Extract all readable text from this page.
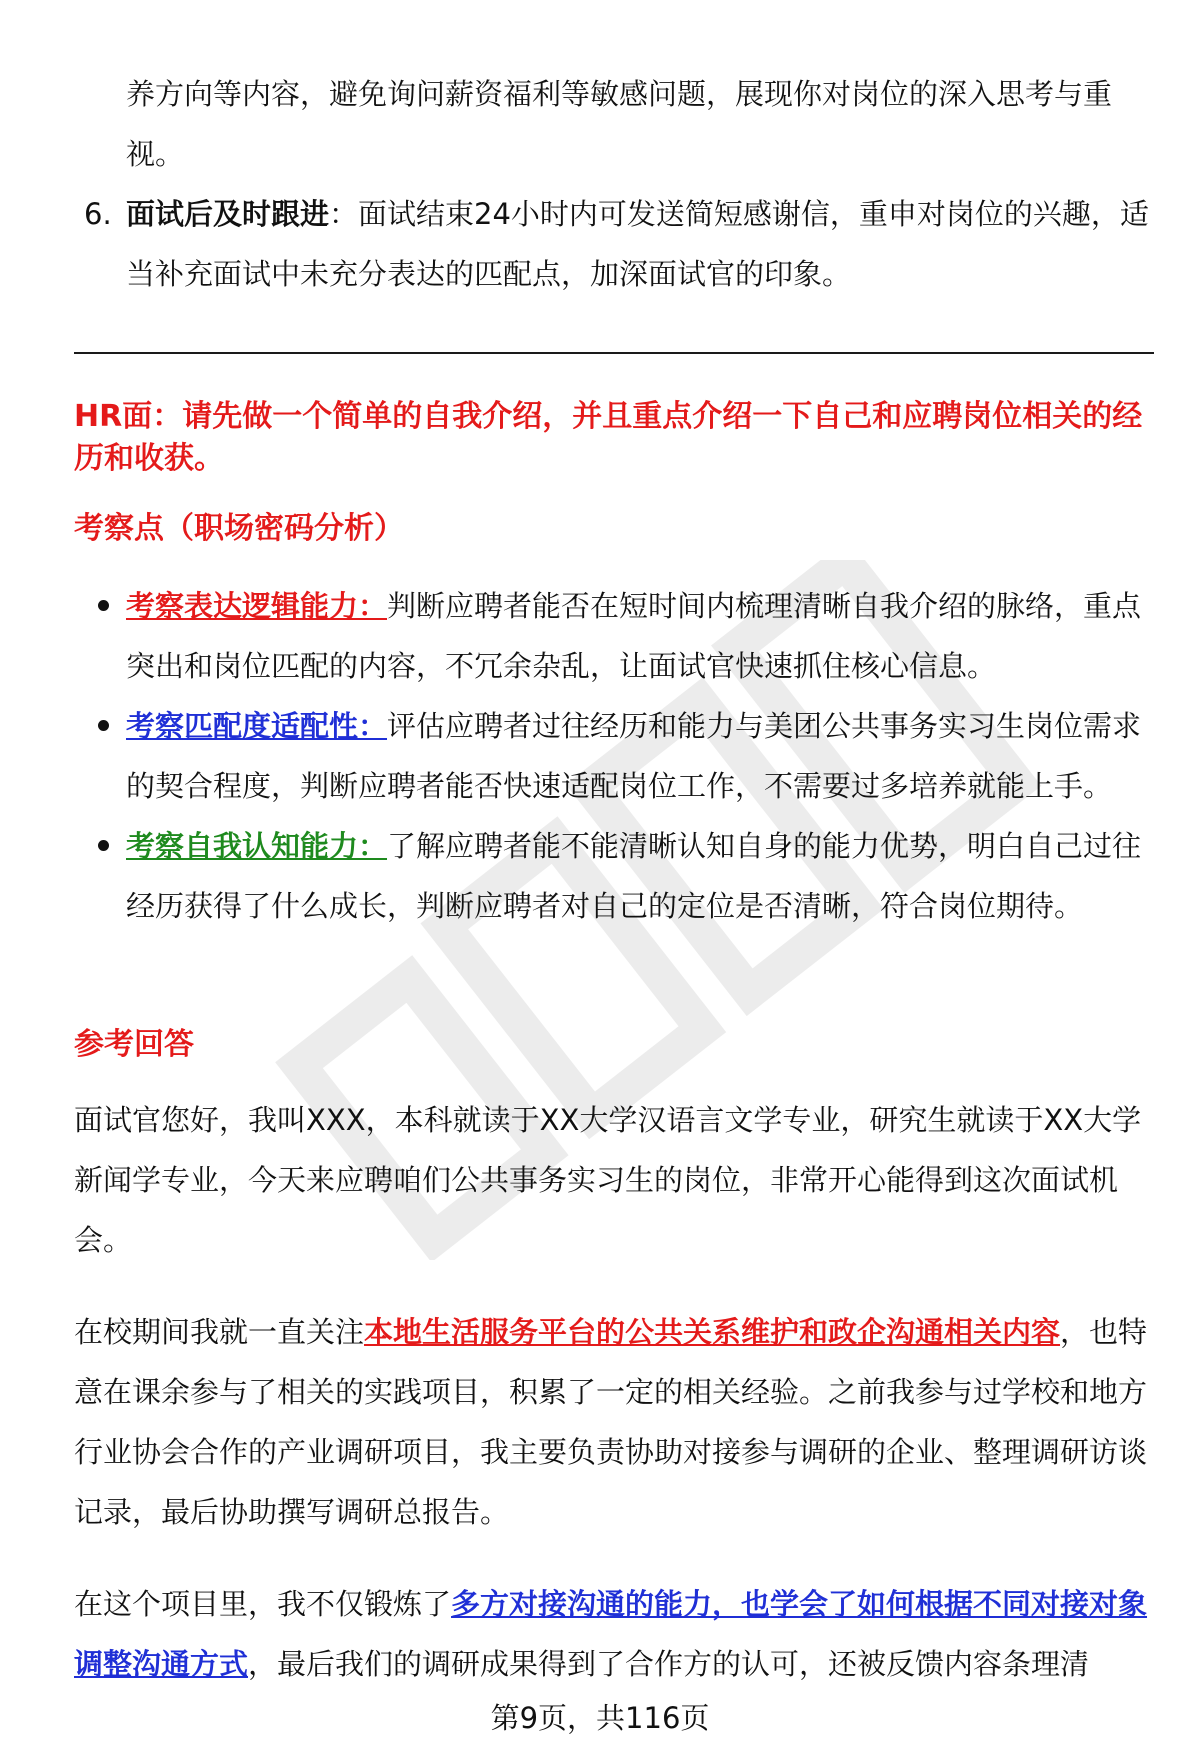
养方向等内容，避免询问薪资福利等敏感问题，展现你对岗位的深入思考与重视。

6. 面试后及时跟进：面试结束24小时内可发送简短感谢信，重申对岗位的兴趣，适当补充面试中未充分表达的匹配点，加深面试官的印象。

HR面：请先做一个简单的自我介绍，并且重点介绍一下自己和应聘岗位相关的经历和收获。
考察点（职场密码分析）
考察表达逻辑能力：判断应聘者能否在短时间内梳理清晰自我介绍的脉络，重点突出和岗位匹配的内容，不冗余杂乱，让面试官快速抓住核心信息。
考察匹配度适配性：评估应聘者过往经历和能力与美团公共事务实习生岗位需求的契合程度，判断应聘者能否快速适配岗位工作，不需要过多培养就能上手。
考察自我认知能力：了解应聘者能不能清晰认知自身的能力优势，明白自己过往经历获得了什么成长，判断应聘者对自己的定位是否清晰，符合岗位期待。
参考回答

面试官您好，我叫XXX，本科就读于XX大学汉语言文学专业，研究生就读于XX大学新闻学专业，今天来应聘咱们公共事务实习生的岗位，非常开心能得到这次面试机会。

在校期间我就一直关注本地生活服务平台的公共关系维护和政企沟通相关内容，也特意在课余参与了相关的实践项目，积累了一定的相关经验。之前我参与过学校和地方行业协会合作的产业调研项目，我主要负责协助对接参与调研的企业、整理调研访谈记录，最后协助撰写调研总报告。

在这个项目里，我不仅锻炼了多方对接沟通的能力，也学会了如何根据不同对接对象调整沟通方式，最后我们的调研成果得到了合作方的认可，还被反馈内容条理清

第9页，共116页
